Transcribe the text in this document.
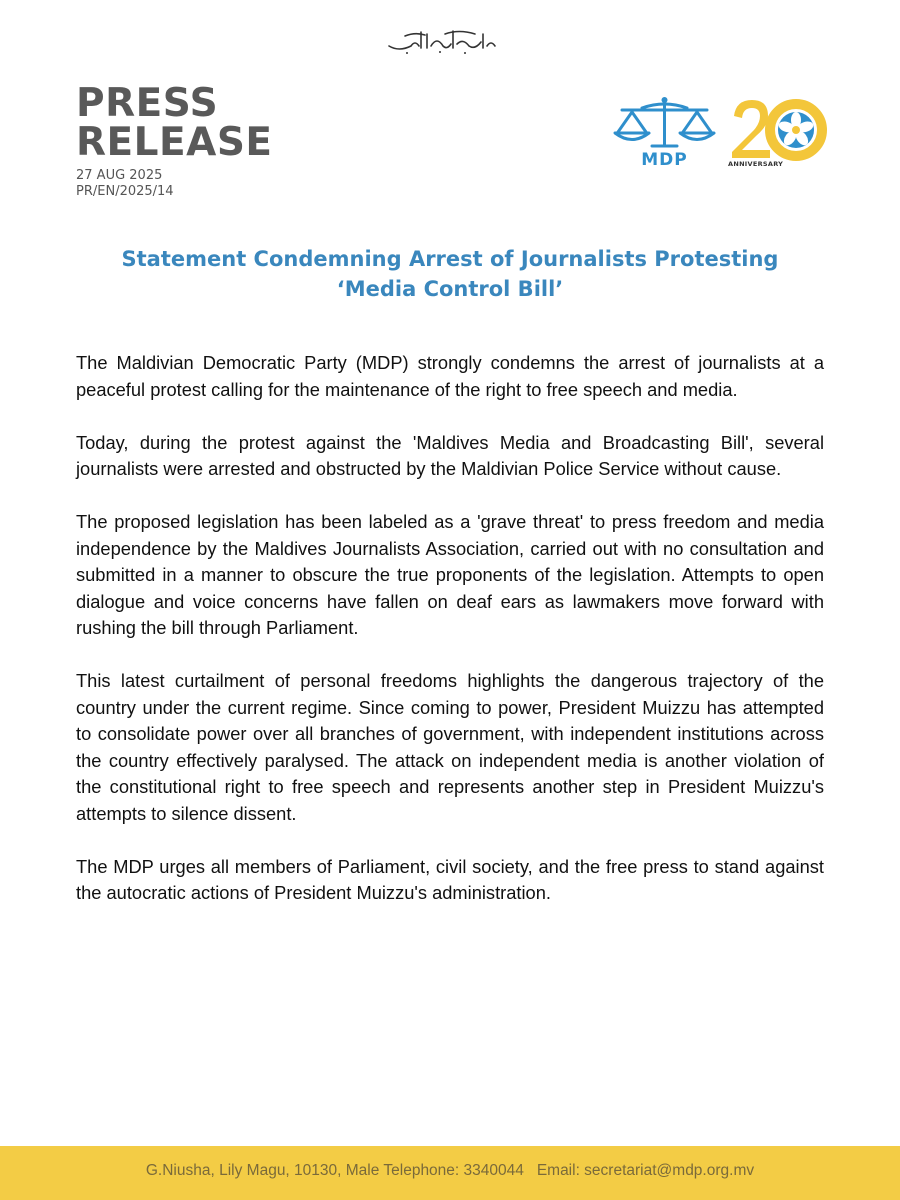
PRESS
RELEASE
27 AUG 2025
PR/EN/2025/14
MDP	ANNIVERSARY
Statement Condemning Arrest of Journalists Protesting
‘Media Control Bill’

The Maldivian Democratic Party (MDP) strongly condemns the arrest of journalists at a peaceful protest calling for the maintenance of the right to free speech and media.

Today, during the protest against the 'Maldives Media and Broadcasting Bill', several journalists were arrested and obstructed by the Maldivian Police Service without cause.

The proposed legislation has been labeled as a 'grave threat' to press freedom and media independence by the Maldives Journalists Association, carried out with no consultation and submitted in a manner to obscure the true proponents of the legislation. Attempts to open dialogue and voice concerns have fallen on deaf ears as lawmakers move forward with rushing the bill through Parliament.

This latest curtailment of personal freedoms highlights the dangerous trajectory of the country under the current regime. Since coming to power, President Muizzu has attempted to consolidate power over all branches of government, with independent institutions across the country effectively paralysed. The attack on independent media is another violation of the constitutional right to free speech and represents another step in President Muizzu's attempts to silence dissent.

The MDP urges all members of Parliament, civil society, and the free press to stand against the autocratic actions of President Muizzu's administration.

G.Niusha, Lily Magu, 10130, Male Telephone: 3340044 Email: secretariat@mdp.org.mv
